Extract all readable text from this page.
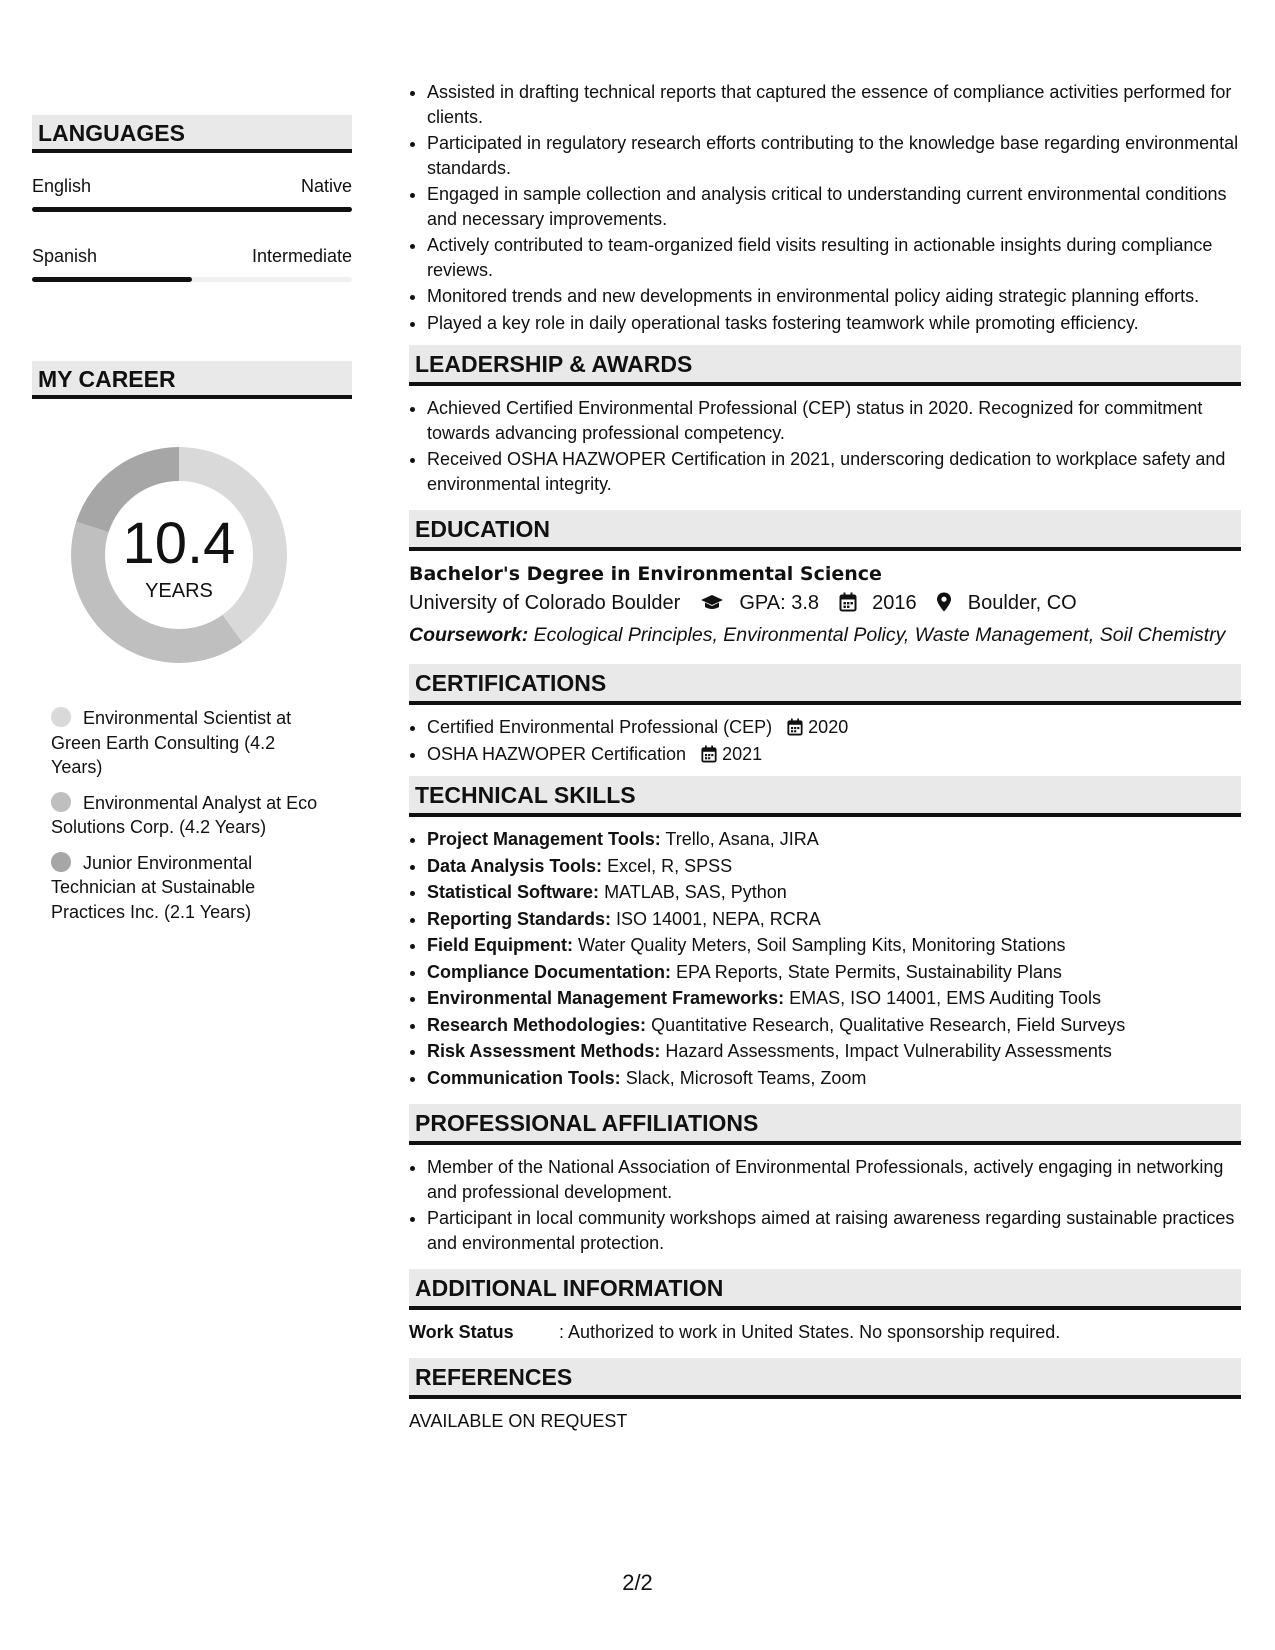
LANGUAGES
English	Native
Spanish	Intermediate
MY CAREER
10.4
YEARS
Environmental Scientist at Green Earth Consulting (4.2 Years)
Environmental Analyst at Eco Solutions Corp. (4.2 Years)
Junior Environmental Technician at Sustainable Practices Inc. (2.1 Years)
• Assisted in drafting technical reports that captured the essence of compliance activities performed for clients.
• Participated in regulatory research efforts contributing to the knowledge base regarding environmental standards.
• Engaged in sample collection and analysis critical to understanding current environmental conditions and necessary improvements.
• Actively contributed to team-organized field visits resulting in actionable insights during compliance reviews.
• Monitored trends and new developments in environmental policy aiding strategic planning efforts.
• Played a key role in daily operational tasks fostering teamwork while promoting efficiency.
LEADERSHIP & AWARDS
• Achieved Certified Environmental Professional (CEP) status in 2020. Recognized for commitment towards advancing professional competency.
• Received OSHA HAZWOPER Certification in 2021, underscoring dedication to workplace safety and environmental integrity.
EDUCATION
Bachelor's Degree in Environmental Science
University of Colorado Boulder	GPA: 3.8	2016	Boulder, CO
Coursework: Ecological Principles, Environmental Policy, Waste Management, Soil Chemistry
CERTIFICATIONS
• Certified Environmental Professional (CEP) 2020
• OSHA HAZWOPER Certification 2021
TECHNICAL SKILLS
• Project Management Tools: Trello, Asana, JIRA
• Data Analysis Tools: Excel, R, SPSS
• Statistical Software: MATLAB, SAS, Python
• Reporting Standards: ISO 14001, NEPA, RCRA
• Field Equipment: Water Quality Meters, Soil Sampling Kits, Monitoring Stations
• Compliance Documentation: EPA Reports, State Permits, Sustainability Plans
• Environmental Management Frameworks: EMAS, ISO 14001, EMS Auditing Tools
• Research Methodologies: Quantitative Research, Qualitative Research, Field Surveys
• Risk Assessment Methods: Hazard Assessments, Impact Vulnerability Assessments
• Communication Tools: Slack, Microsoft Teams, Zoom
PROFESSIONAL AFFILIATIONS
• Member of the National Association of Environmental Professionals, actively engaging in networking and professional development.
• Participant in local community workshops aimed at raising awareness regarding sustainable practices and environmental protection.
ADDITIONAL INFORMATION
Work Status	: Authorized to work in United States. No sponsorship required.
REFERENCES
AVAILABLE ON REQUEST
2/2
